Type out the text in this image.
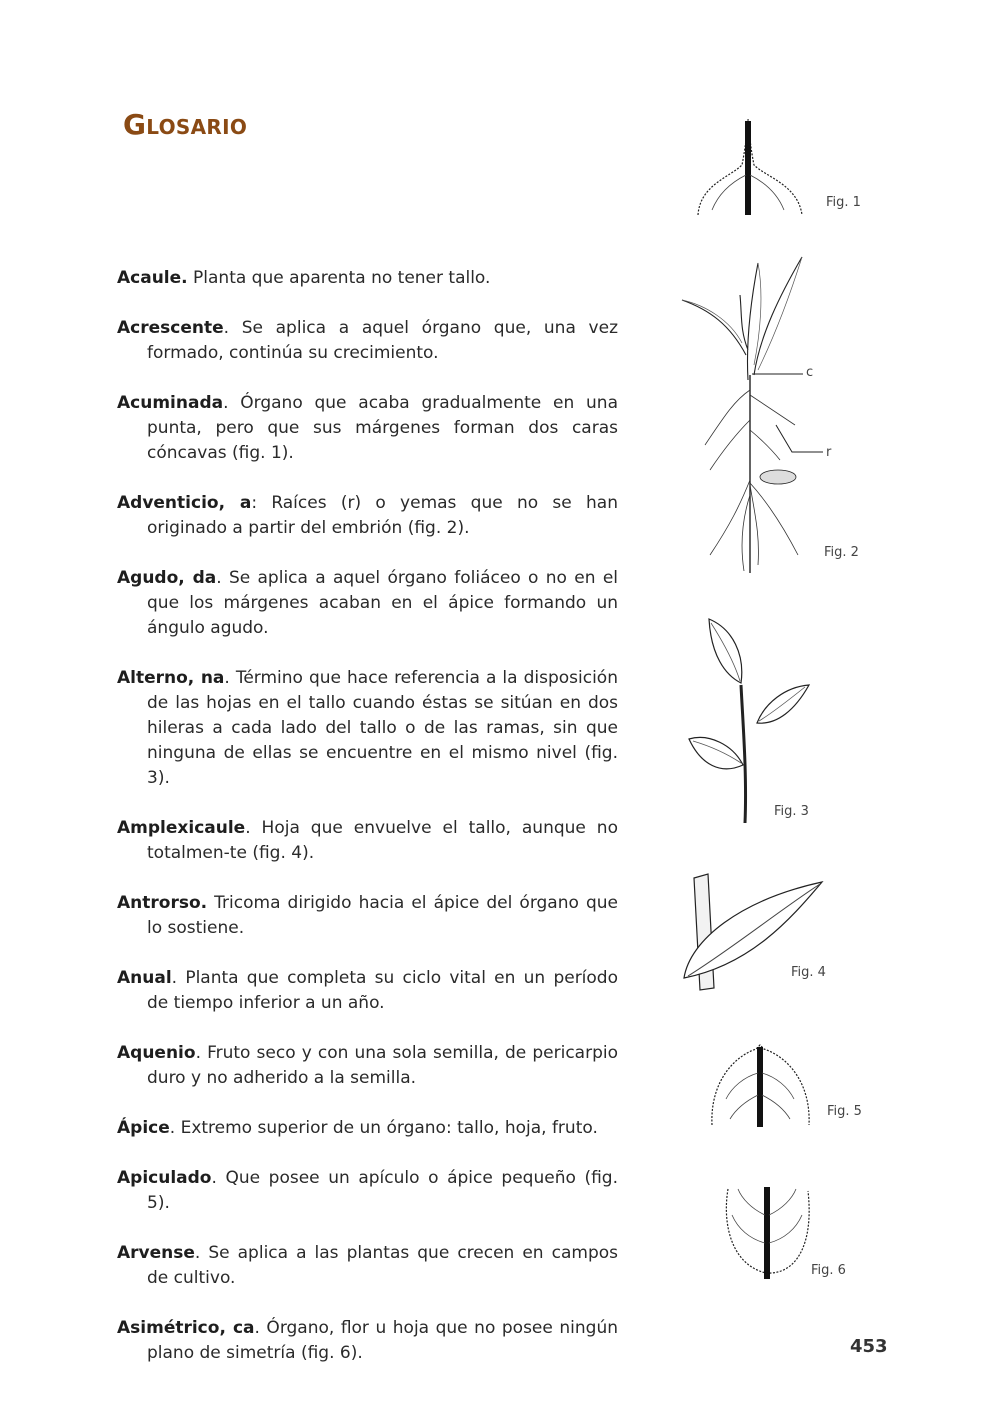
Glosario

Acaule. Planta que aparenta no tener tallo.

Acrescente. Se aplica a aquel órgano que, una vez formado, continúa su crecimiento.

Acuminada. Órgano que acaba gradualmente en una punta, pero que sus márgenes forman dos caras cóncavas (fig. 1).

Adventicio, a: Raíces (r) o yemas que no se han originado a partir del embrión (fig. 2).

Agudo, da. Se aplica a aquel órgano foliáceo o no en el que los márgenes acaban en el ápice formando un ángulo agudo.

Alterno, na. Término que hace referencia a la disposición de las hojas en el tallo cuando éstas se sitúan en dos hileras a cada lado del tallo o de las ramas, sin que ninguna de ellas se encuentre en el mismo nivel (fig. 3).

Amplexicaule. Hoja que envuelve el tallo, aunque no totalmen-te (fig. 4).

Antrorso. Tricoma dirigido hacia el ápice del órgano que lo sostiene.

Anual. Planta que completa su ciclo vital en un período de tiempo inferior a un año.

Aquenio. Fruto seco y con una sola semilla, de pericarpio duro y no adherido a la semilla.

Ápice. Extremo superior de un órgano: tallo, hoja, fruto.

Apiculado. Que posee un apículo o ápice pequeño (fig. 5).

Arvense. Se aplica a las plantas que crecen en campos de cultivo.

Asimétrico, ca. Órgano, flor u hoja que no posee ningún plano de simetría (fig. 6).

Fig. 1
c
r
Fig. 2
Fig. 3
Fig. 4
Fig. 5
Fig. 6
453
